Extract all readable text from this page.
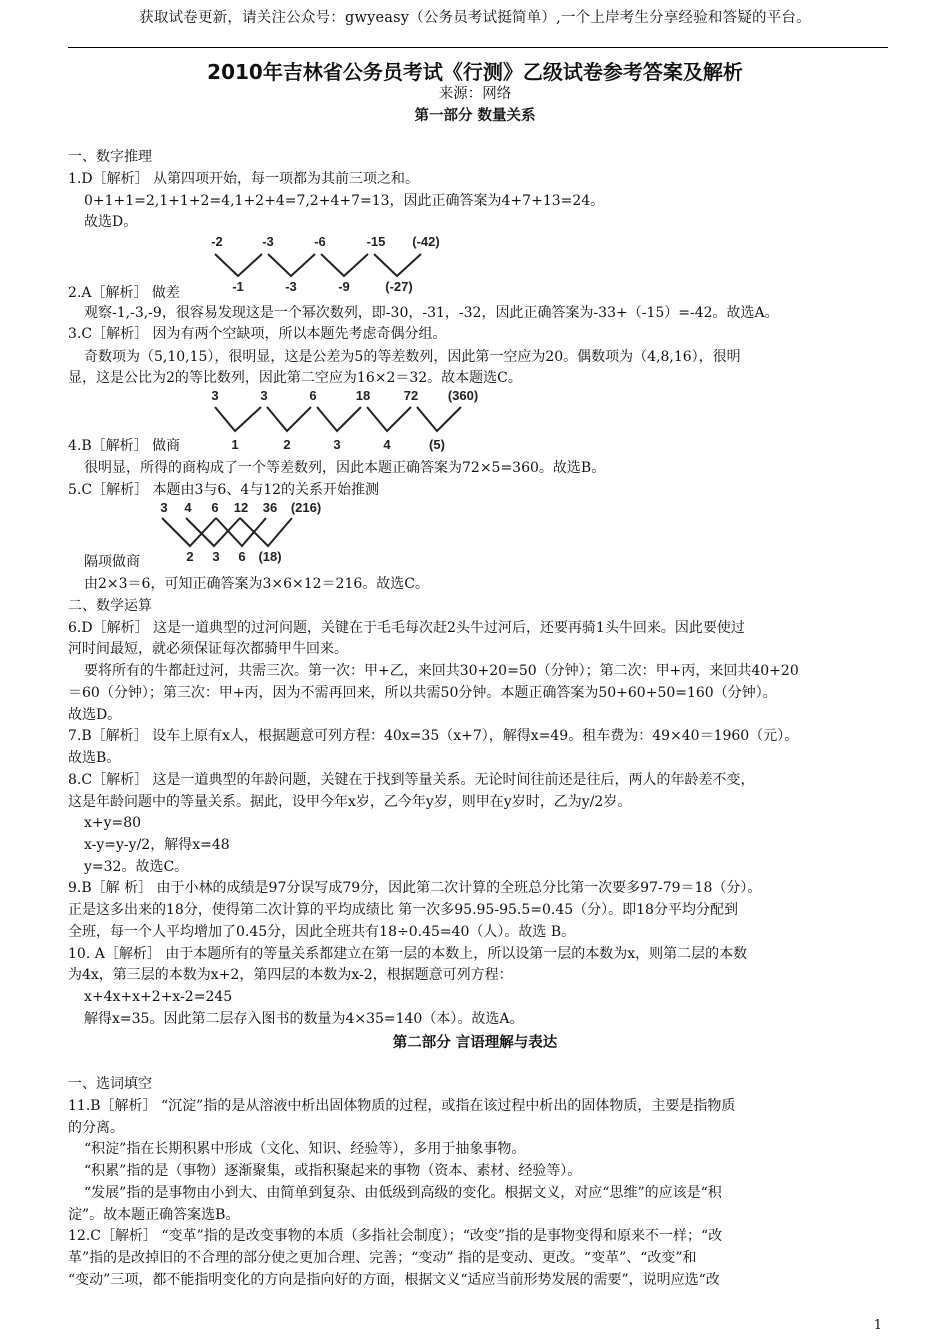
获取试卷更新，请关注公众号：gwyeasy（公务员考试挺简单）,一个上岸考生分享经验和答疑的平台。
2010年吉林省公务员考试《行测》乙级试卷参考答案及解析
来源：网络
第一部分 数量关系
一、数字推理
1.D［解析］ 从第四项开始，每一项都为其前三项之和。
0+1+1=2,1+1+2=4,1+2+4=7,2+4+7=13，因此正确答案为4+7+13=24。
故选D。
-2	-3	-6	-15 (-42)
-1	-3	-9	(-27)
2.A［解析］ 做差
观察-1,-3,-9，很容易发现这是一个幂次数列，即-30，-31，-32，因此正确答案为-33+（-15）=-42。故选A。
3.C［解析］ 因为有两个空缺项，所以本题先考虑奇偶分组。
奇数项为（5,10,15），很明显，这是公差为5的等差数列，因此第一空应为20。偶数项为（4,8,16），很明
显，这是公比为2的等比数列，因此第二空应为16×2＝32。故本题选C。
3	3	6	18	72 (360)
1	2	3	4	(5)
4.B［解析］ 做商
很明显，所得的商构成了一个等差数列，因此本题正确答案为72×5=360。故选B。
5.C［解析］ 本题由3与6、4与12的关系开始推测
3 4 6 12 36 (216)
2 3 6 (18)
隔项做商
由2×3＝6，可知正确答案为3×6×12＝216。故选C。
二、数学运算
6.D［解析］ 这是一道典型的过河问题，关键在于毛毛每次赶2头牛过河后，还要再骑1头牛回来。因此要使过
河时间最短，就必须保证每次都骑甲牛回来。
要将所有的牛都赶过河，共需三次。第一次：甲+乙，来回共30+20=50（分钟）；第二次：甲+丙，来回共40+20
＝60（分钟）；第三次：甲+丙，因为不需再回来，所以共需50分钟。本题正确答案为50+60+50=160（分钟）。
故选D。
7.B［解析］ 设车上原有x人，根据题意可列方程：40x=35（x+7），解得x=49。租车费为：49×40＝1960（元）。
故选B。
8.C［解析］ 这是一道典型的年龄问题，关键在于找到等量关系。无论时间往前还是往后，两人的年龄差不变，
这是年龄问题中的等量关系。据此，设甲今年x岁，乙今年y岁，则甲在y岁时，乙为y/2岁。
x+y=80
x-y=y-y/2，解得x=48
y=32。故选C。
9.B［解 析］ 由于小林的成绩是97分误写成79分，因此第二次计算的全班总分比第一次要多97-79＝18（分）。
正是这多出来的18分，使得第二次计算的平均成绩比 第一次多95.95-95.5=0.45（分）。即18分平均分配到
全班，每一个人平均增加了0.45分，因此全班共有18÷0.45=40（人）。故选 B。
10. A［解析］ 由于本题所有的等量关系都建立在第一层的本数上，所以设第一层的本数为x，则第二层的本数
为4x，第三层的本数为x+2，第四层的本数为x-2，根据题意可列方程：
x+4x+x+2+x-2=245
解得x=35。因此第二层存入图书的数量为4×35=140（本）。故选A。
第二部分 言语理解与表达
一、选词填空
11.B［解析］ “沉淀”指的是从溶液中析出固体物质的过程，或指在该过程中析出的固体物质，主要是指物质
的分离。
“积淀”指在长期积累中形成（文化、知识、经验等），多用于抽象事物。
“积累”指的是（事物）逐渐聚集，或指积聚起来的事物（资本、素材、经验等）。
“发展”指的是事物由小到大、由简单到复杂、由低级到高级的变化。根据文义，对应“思维”的应该是“积
淀”。故本题正确答案选B。
12.C［解析］ “变革”指的是改变事物的本质（多指社会制度）；“改变”指的是事物变得和原来不一样；“改
革”指的是改掉旧的不合理的部分使之更加合理、完善；“变动” 指的是变动、更改。“变革”、“改变”和
“变动”三项，都不能指明变化的方向是指向好的方面，根据文义“适应当前形势发展的需要”，说明应选“改
1
